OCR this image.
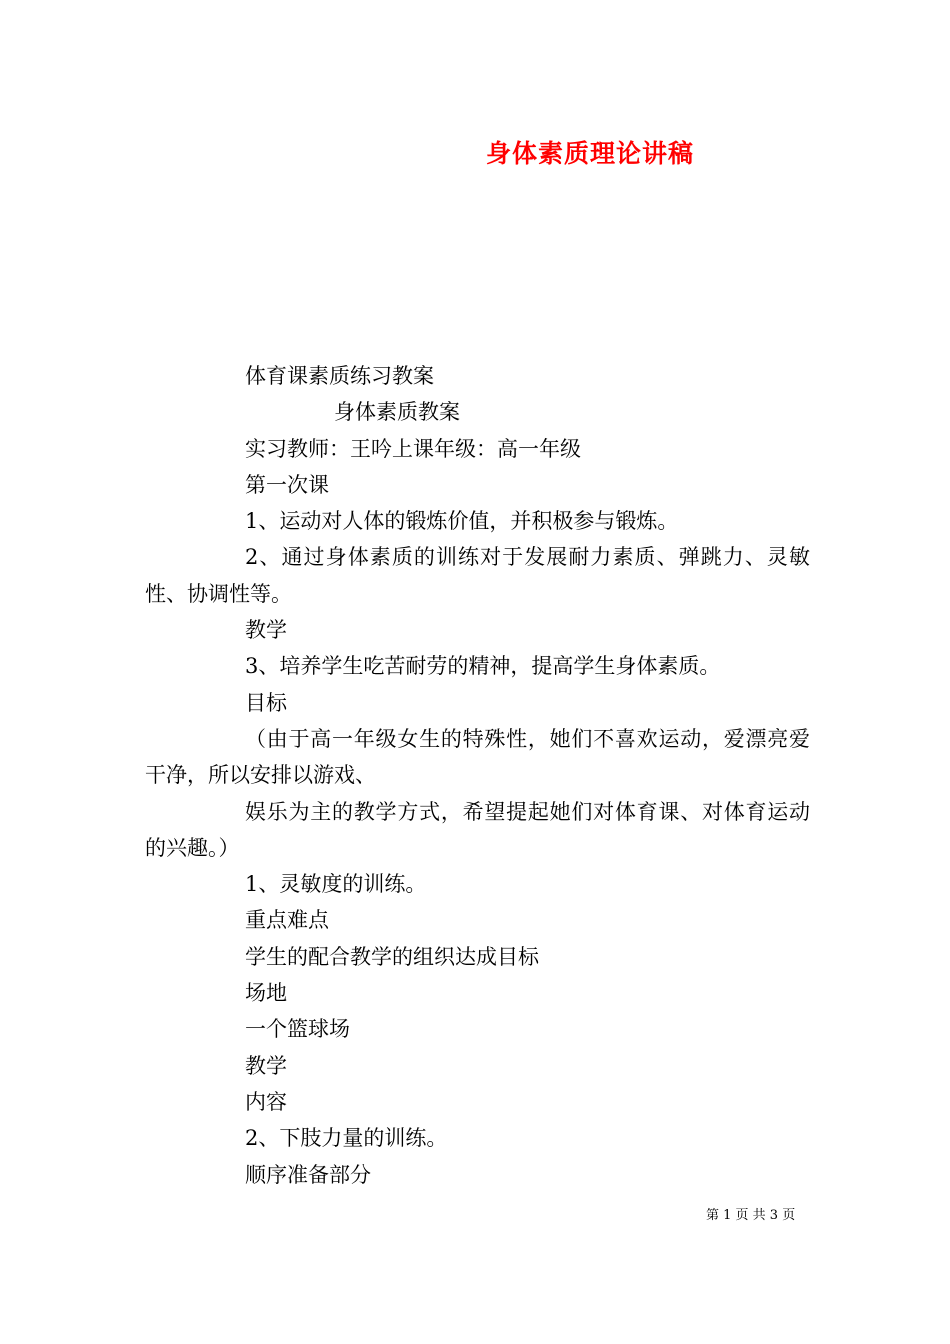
身体素质理论讲稿
体育课素质练习教案
身体素质教案
实习教师：王吟上课年级：高一年级
第一次课
1、运动对人体的锻炼价值，并积极参与锻炼。
2、通过身体素质的训练对于发展耐力素质、弹跳力、灵敏性、协调性等。
教学
3、培养学生吃苦耐劳的精神，提高学生身体素质。
目标
（由于高一年级女生的特殊性，她们不喜欢运动，爱漂亮爱干净，所以安排以游戏、
娱乐为主的教学方式，希望提起她们对体育课、对体育运动的兴趣。）
1、灵敏度的训练。
重点难点
学生的配合教学的组织达成目标
场地
一个篮球场
教学
内容
2、下肢力量的训练。
顺序准备部分
第 1 页 共 3 页
